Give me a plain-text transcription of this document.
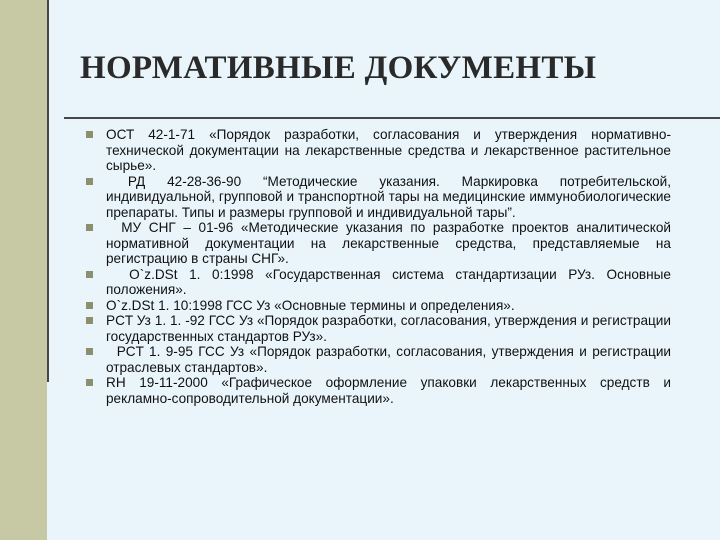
НОРМАТИВНЫЕ ДОКУМЕНТЫ
ОСТ 42-1-71 «Порядок разработки, согласования и утверждения нормативно-технической документации на лекарственные средства и лекарственное растительное сырье».
РД 42-28-36-90 “Методические указания. Маркировка потребительской, индивидуальной, групповой и транспортной тары на медицинские иммунобиологические препараты. Типы и размеры групповой и индивидуальной тары”.
МУ СНГ – 01-96 «Методические указания по разработке проектов аналитической нормативной документации на лекарственные средства, представляемые на регистрацию в страны СНГ».
O`z.DSt 1. 0:1998 «Государственная система стандартизации РУз. Основные положения».
O`z.DSt 1. 10:1998 ГСС Уз «Основные термины и определения».
PCT Уз 1. 1. -92 ГСС Уз «Порядок разработки, согласования, утверждения и регистрации государственных стандартов РУз».
PCT 1. 9-95 ГСС Уз «Порядок разработки, согласования, утверждения и регистрации отраслевых стандартов».
RH 19-11-2000 «Графическое оформление упаковки лекарственных средств и рекламно-сопроводительной документации».
